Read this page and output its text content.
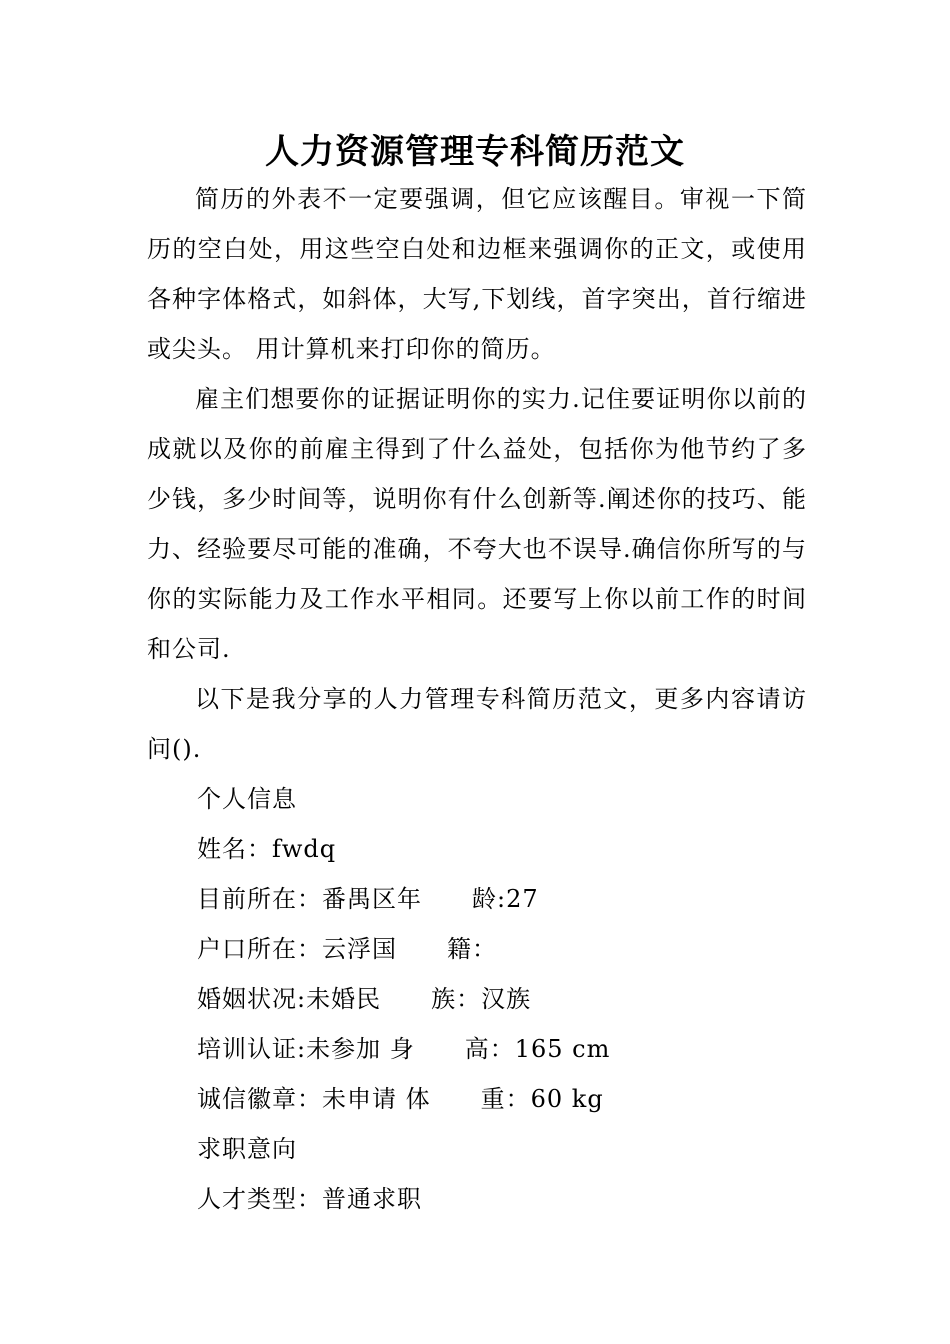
人力资源管理专科简历范文

简历的外表不一定要强调，但它应该醒目。审视一下简历的空白处，用这些空白处和边框来强调你的正文，或使用各种字体格式，如斜体，大写,下划线，首字突出，首行缩进或尖头。 用计算机来打印你的简历。

雇主们想要你的证据证明你的实力.记住要证明你以前的成就以及你的前雇主得到了什么益处，包括你为他节约了多少钱，多少时间等，说明你有什么创新等.阐述你的技巧、能力、经验要尽可能的准确，不夸大也不误导.确信你所写的与你的实际能力及工作水平相同。还要写上你以前工作的时间和公司.

以下是我分享的人力管理专科简历范文，更多内容请访问().

个人信息
姓名：fwdq
目前所在：番禺区年　　龄:27
户口所在：云浮国　　籍：
婚姻状况:未婚民　　族：汉族
培训认证:未参加 身　　高：165 cm
诚信徽章：未申请 体　　重：60 kg
求职意向
人才类型：普通求职
